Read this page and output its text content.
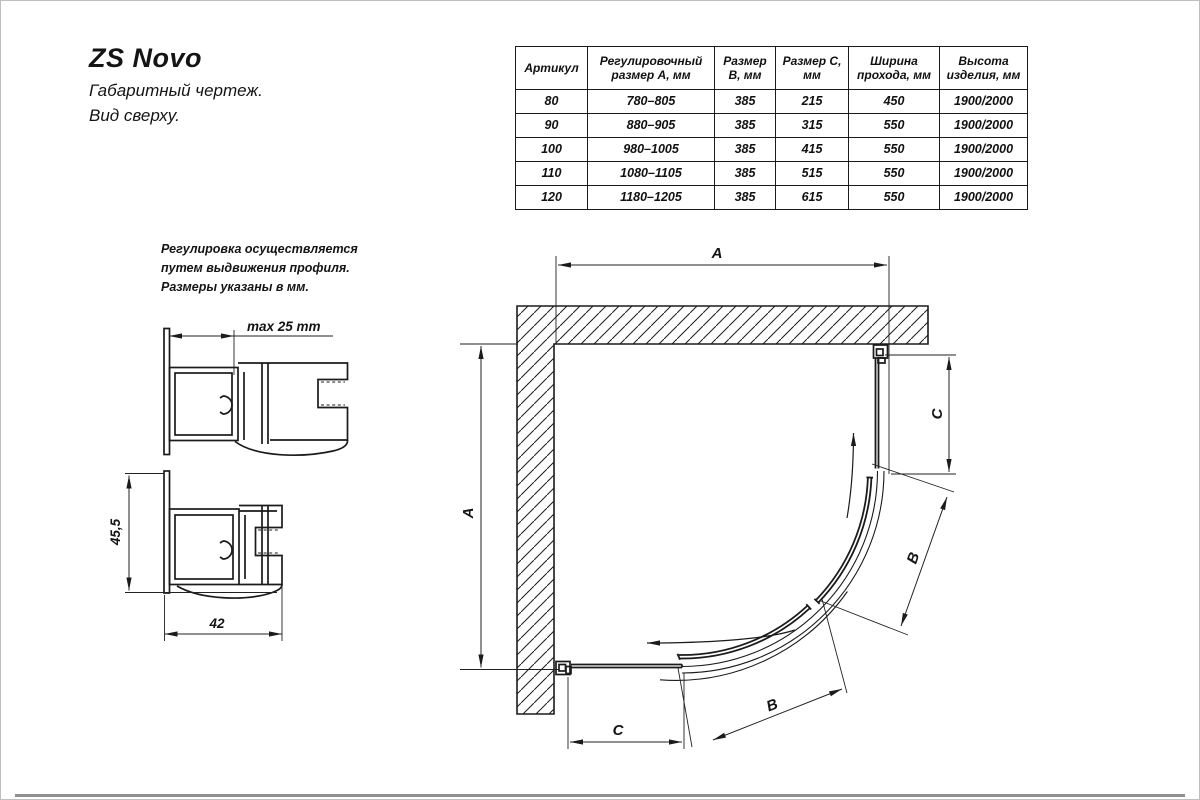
ZS Novo
Габаритный чертеж.
Вид сверху.
Артикул	Регулировочный размер А, мм	Размер В, мм	Размер С, мм	Ширина прохода, мм	Высота изделия, мм
80	780–805	385	215	450	1900/2000
90	880–905	385	315	550	1900/2000
100	980–1005	385	415	550	1900/2000
110	1080–1105	385	515	550	1900/2000
120	1180–1205	385	615	550	1900/2000
Регулировка осуществляется
путем выдвижения профиля.
Размеры указаны в мм.
A
A
C
C
B
B
max 25 mm
45,5
42
